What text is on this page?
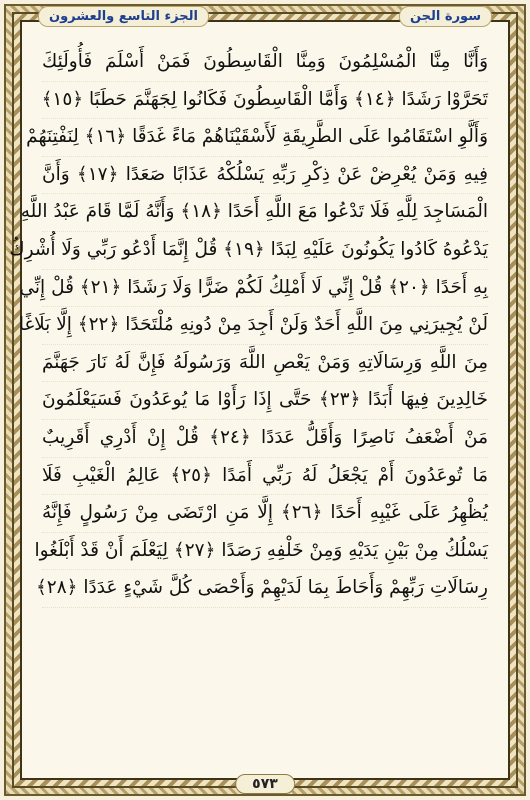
الجزء التاسع والعشرون	سورة الجن
وَأَنَّا مِنَّا الْمُسْلِمُونَ وَمِنَّا الْقَاسِطُونَ فَمَنْ أَسْلَمَ فَأُولَئِكَ
تَحَرَّوْا رَشَدًا ﴿١٤﴾ وَأَمَّا الْقَاسِطُونَ فَكَانُوا لِجَهَنَّمَ حَطَبًا ﴿١٥﴾
وَأَلَّوِ اسْتَقَامُوا عَلَى الطَّرِيقَةِ لَأَسْقَيْنَاهُمْ مَاءً غَدَقًا ﴿١٦﴾ لِنَفْتِنَهُمْ
فِيهِ وَمَنْ يُعْرِضْ عَنْ ذِكْرِ رَبِّهِ يَسْلُكْهُ عَذَابًا صَعَدًا ﴿١٧﴾ وَأَنَّ
الْمَسَاجِدَ لِلَّهِ فَلَا تَدْعُوا مَعَ اللَّهِ أَحَدًا ﴿١٨﴾ وَأَنَّهُ لَمَّا قَامَ عَبْدُ اللَّهِ
يَدْعُوهُ كَادُوا يَكُونُونَ عَلَيْهِ لِبَدًا ﴿١٩﴾ قُلْ إِنَّمَا أَدْعُو رَبِّي وَلَا أُشْرِكُ
بِهِ أَحَدًا ﴿٢٠﴾ قُلْ إِنِّي لَا أَمْلِكُ لَكُمْ ضَرًّا وَلَا رَشَدًا ﴿٢١﴾ قُلْ إِنِّي
لَنْ يُجِيرَنِي مِنَ اللَّهِ أَحَدٌ وَلَنْ أَجِدَ مِنْ دُونِهِ مُلْتَحَدًا ﴿٢٢﴾ إِلَّا بَلَاغًا
مِنَ اللَّهِ وَرِسَالَاتِهِ وَمَنْ يَعْصِ اللَّهَ وَرَسُولَهُ فَإِنَّ لَهُ نَارَ جَهَنَّمَ
خَالِدِينَ فِيهَا أَبَدًا ﴿٢٣﴾ حَتَّى إِذَا رَأَوْا مَا يُوعَدُونَ فَسَيَعْلَمُونَ
مَنْ أَضْعَفُ نَاصِرًا وَأَقَلُّ عَدَدًا ﴿٢٤﴾ قُلْ إِنْ أَدْرِي أَقَرِيبٌ
مَا تُوعَدُونَ أَمْ يَجْعَلُ لَهُ رَبِّي أَمَدًا ﴿٢٥﴾ عَالِمُ الْغَيْبِ فَلَا
يُظْهِرُ عَلَى غَيْبِهِ أَحَدًا ﴿٢٦﴾ إِلَّا مَنِ ارْتَضَى مِنْ رَسُولٍ فَإِنَّهُ
يَسْلُكُ مِنْ بَيْنِ يَدَيْهِ وَمِنْ خَلْفِهِ رَصَدًا ﴿٢٧﴾ لِيَعْلَمَ أَنْ قَدْ أَبْلَغُوا
رِسَالَاتِ رَبِّهِمْ وَأَحَاطَ بِمَا لَدَيْهِمْ وَأَحْصَى كُلَّ شَيْءٍ عَدَدًا ﴿٢٨﴾
٥٧٣
